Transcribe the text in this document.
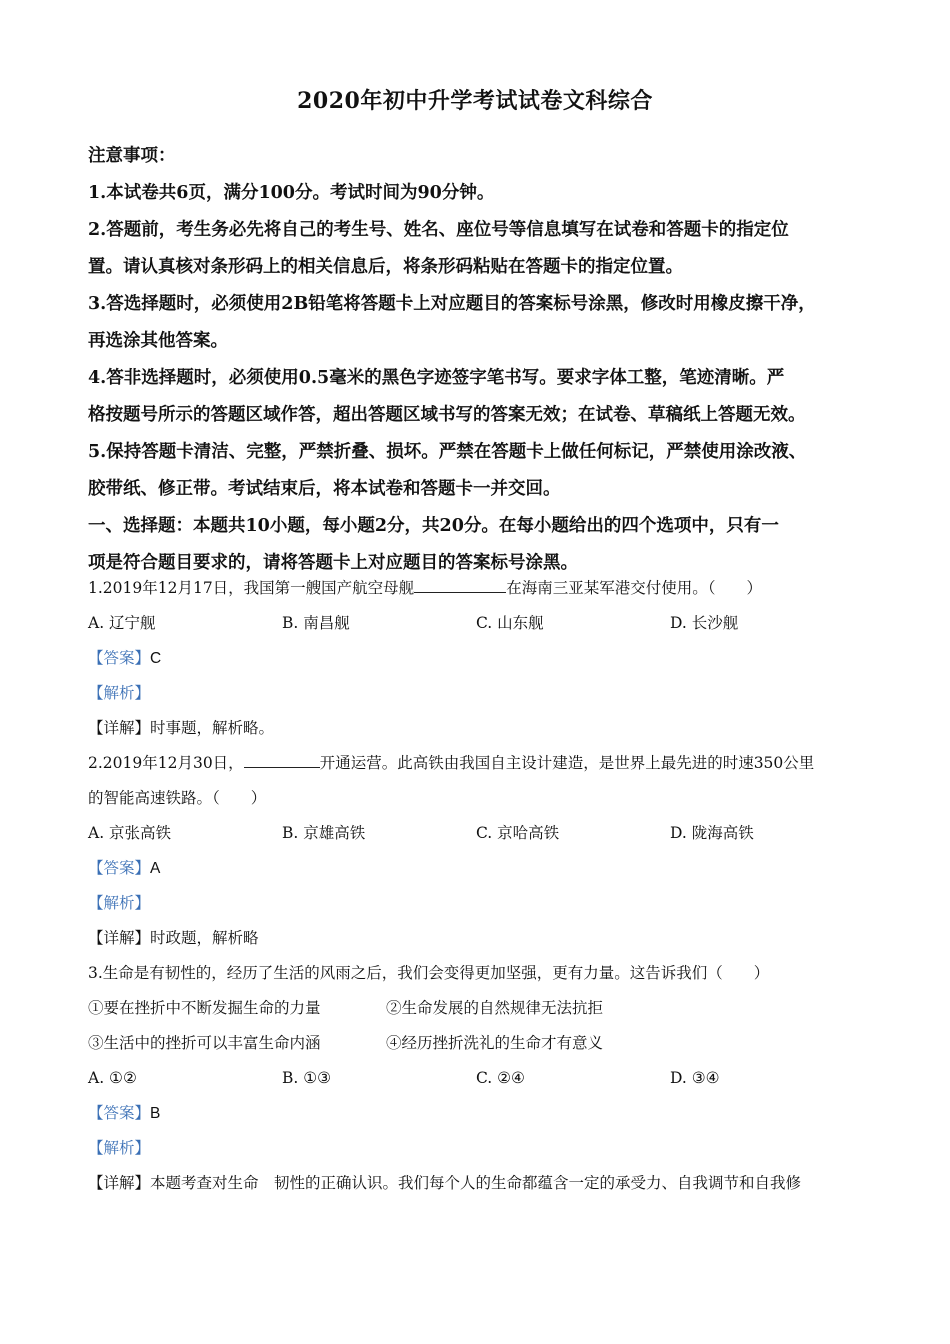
2020年初中升学考试试卷文科综合

注意事项：

1.本试卷共6页，满分100分。考试时间为90分钟。

2.答题前，考生务必先将自己的考生号、姓名、座位号等信息填写在试卷和答题卡的指定位

置。请认真核对条形码上的相关信息后，将条形码粘贴在答题卡的指定位置。

3.答选择题时，必须使用2B铅笔将答题卡上对应题目的答案标号涂黑，修改时用橡皮擦干净，

再选涂其他答案。

4.答非选择题时，必须使用0.5毫米的黑色字迹签字笔书写。要求字体工整，笔迹清晰。严

格按题号所示的答题区域作答，超出答题区域书写的答案无效；在试卷、草稿纸上答题无效。

5.保持答题卡清洁、完整，严禁折叠、损坏。严禁在答题卡上做任何标记，严禁使用涂改液、

胶带纸、修正带。考试结束后，将本试卷和答题卡一并交回。

一、选择题：本题共10小题，每小题2分，共20分。在每小题给出的四个选项中，只有一

项是符合题目要求的，请将答题卡上对应题目的答案标号涂黑。

1.2019年12月17日，我国第一艘国产航空母舰	在海南三亚某军港交付使用。（　　）

A. 辽宁舰	B. 南昌舰	C. 山东舰	D. 长沙舰

【答案】C

【解析】

【详解】时事题，解析略。

2.2019年12月30日，	开通运营。此高铁由我国自主设计建造，是世界上最先进的时速350公里

的智能高速铁路。（　　）

A. 京张高铁	B. 京雄高铁	C. 京哈高铁	D. 陇海高铁

【答案】A

【解析】

【详解】时政题，解析略

3.生命是有韧性的，经历了生活的风雨之后，我们会变得更加坚强，更有力量。这告诉我们（　　）

①要在挫折中不断发掘生命的力量	②生命发展的自然规律无法抗拒
③生活中的挫折可以丰富生命内涵	④经历挫折洗礼的生命才有意义
A. ①②	B. ①③	C. ②④	D. ③④

【答案】B

【解析】

【详解】本题考查对生命　韧性的正确认识。我们每个人的生命都蕴含一定的承受力、自我调节和自我修
